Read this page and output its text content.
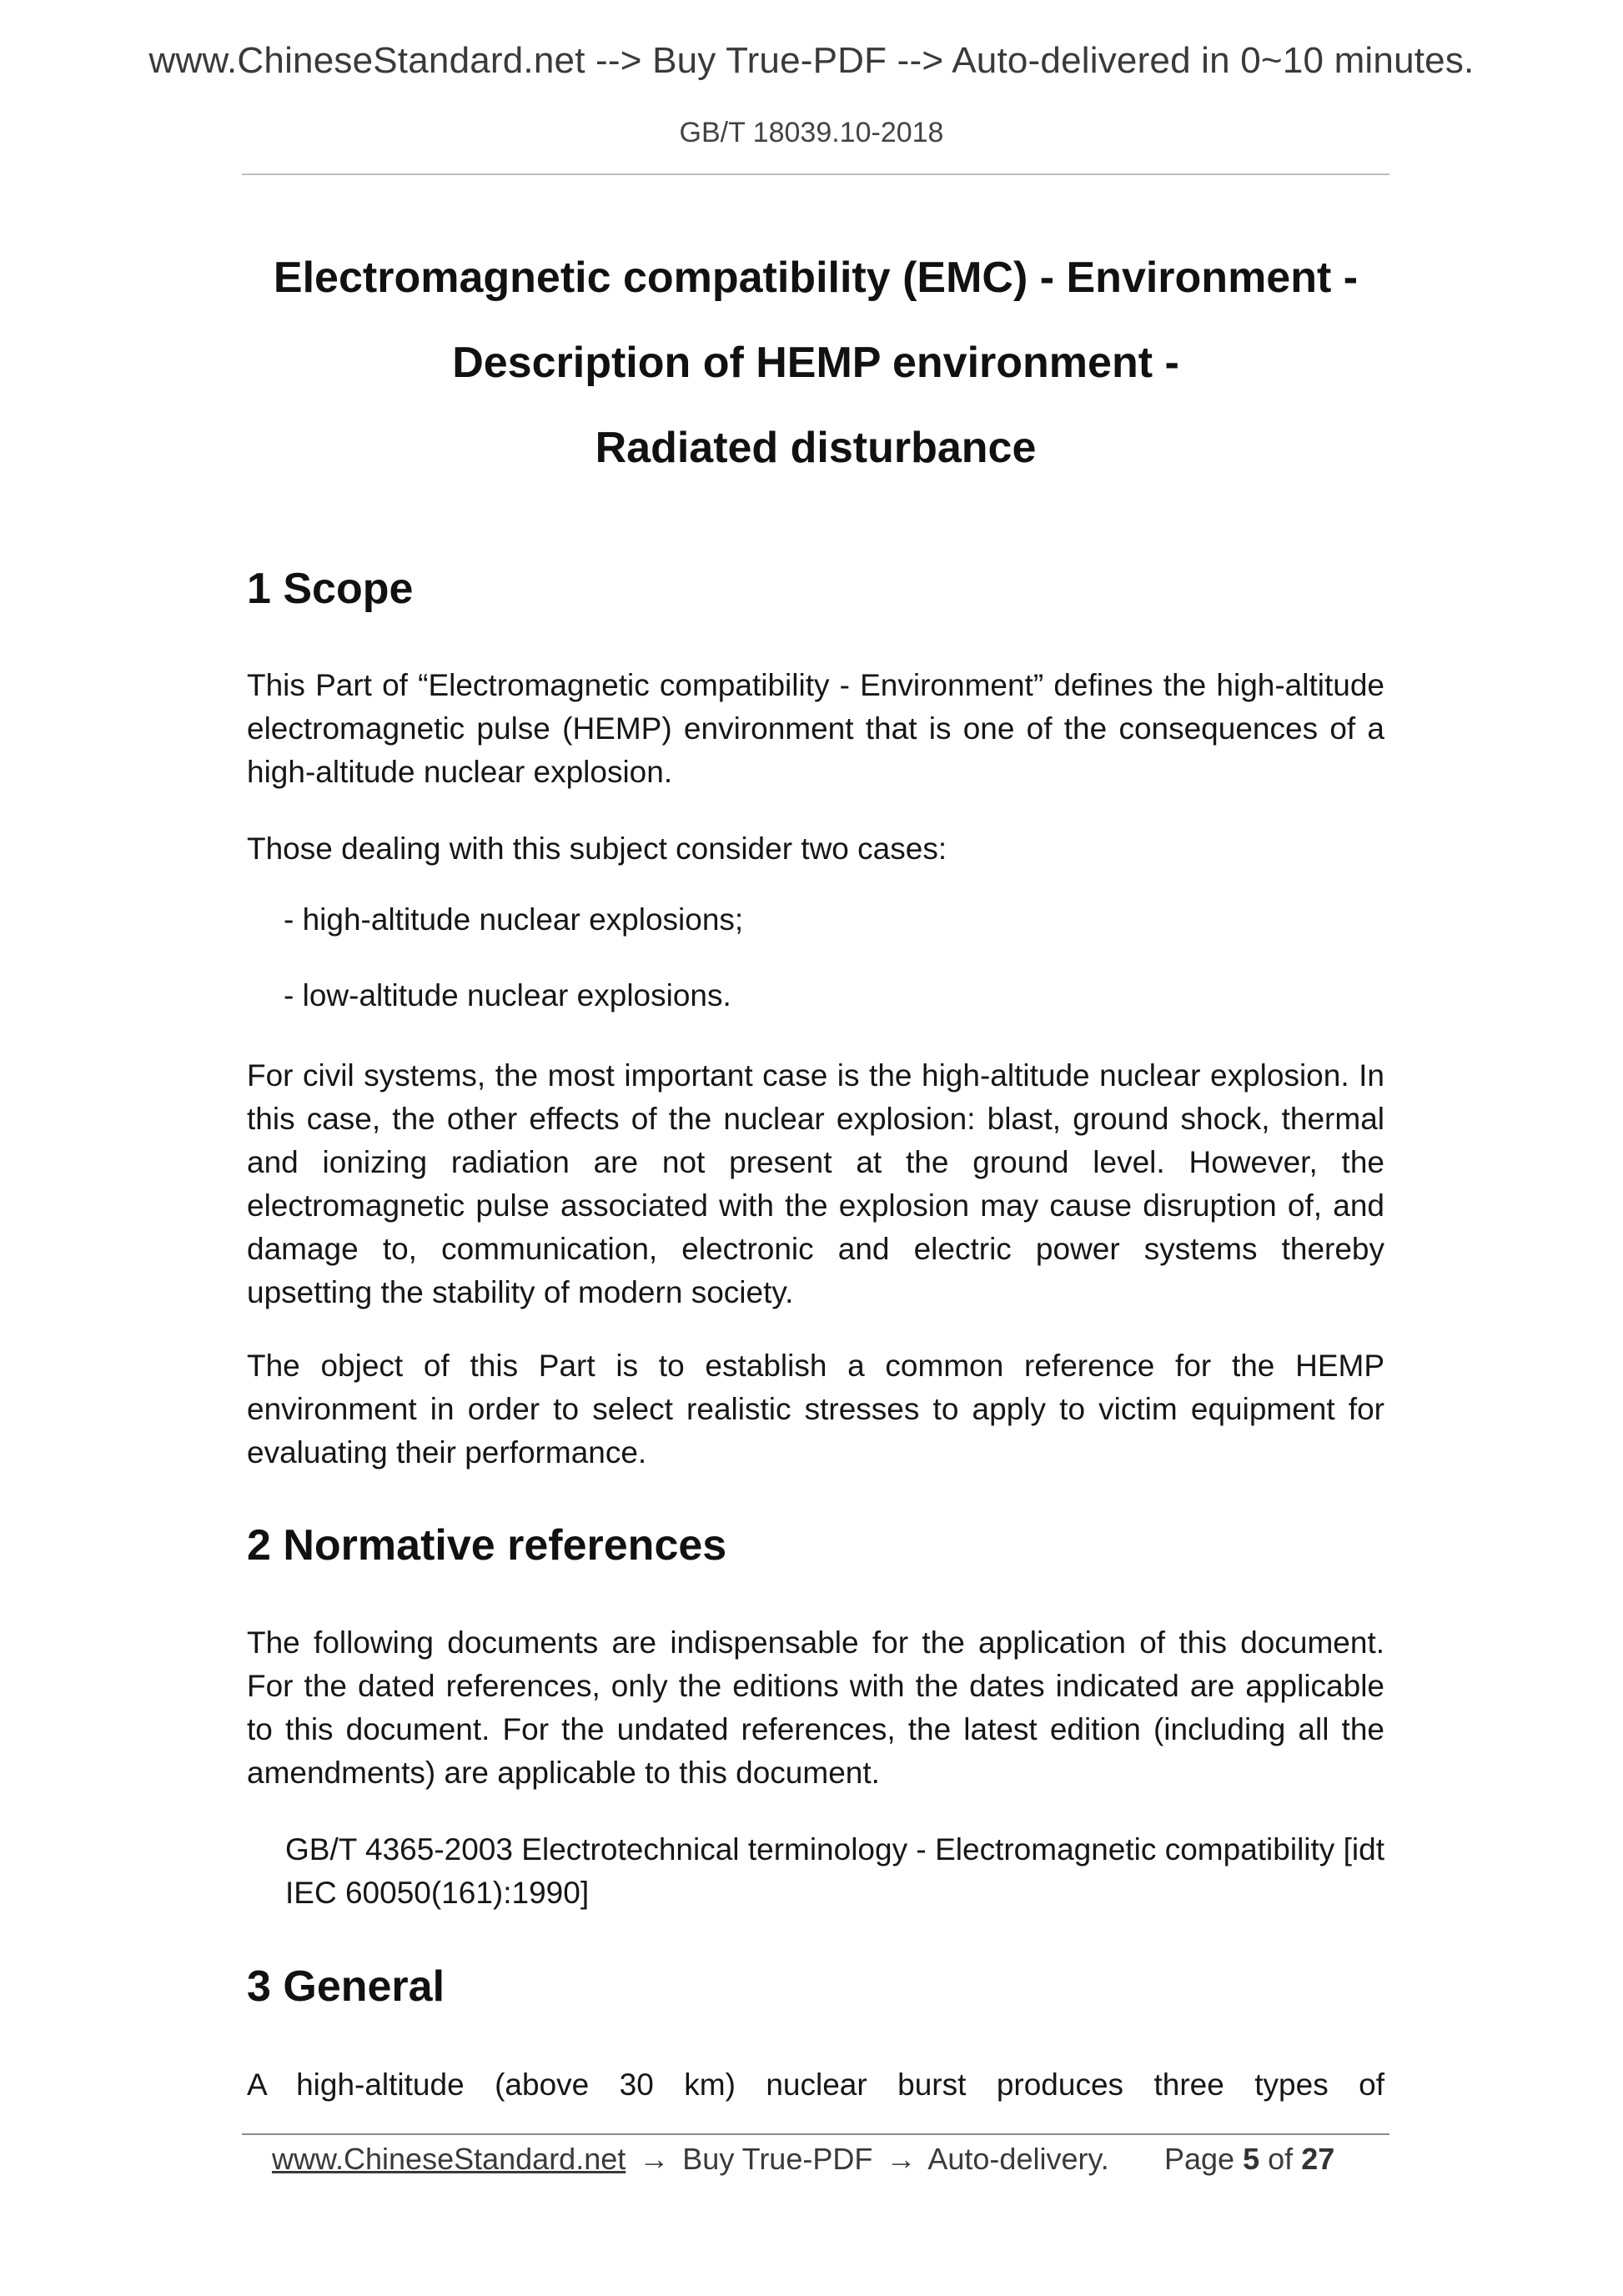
www.ChineseStandard.net --> Buy True-PDF --> Auto-delivered in 0~10 minutes.
GB/T 18039.10-2018
Electromagnetic compatibility (EMC) - Environment -
Description of HEMP environment -
Radiated disturbance
1 Scope

This Part of “Electromagnetic compatibility - Environment” defines the high-altitude electromagnetic pulse (HEMP) environment that is one of the consequences of a high-altitude nuclear explosion.

Those dealing with this subject consider two cases:

- high-altitude nuclear explosions;
- low-altitude nuclear explosions.

For civil systems, the most important case is the high-altitude nuclear explosion. In this case, the other effects of the nuclear explosion: blast, ground shock, thermal and ionizing radiation are not present at the ground level. However, the electromagnetic pulse associated with the explosion may cause disruption of, and damage to, communication, electronic and electric power systems thereby upsetting the stability of modern society.

The object of this Part is to establish a common reference for the HEMP environment in order to select realistic stresses to apply to victim equipment for evaluating their performance.

2 Normative references

The following documents are indispensable for the application of this document. For the dated references, only the editions with the dates indicated are applicable to this document. For the undated references, the latest edition (including all the amendments) are applicable to this document.

GB/T 4365-2003 Electrotechnical terminology - Electromagnetic compatibility [idt IEC 60050(161):1990]

3 General

A high-altitude (above 30 km) nuclear burst produces three types of

www.ChineseStandard.net → Buy True-PDF → Auto-delivery. Page 5 of 27
